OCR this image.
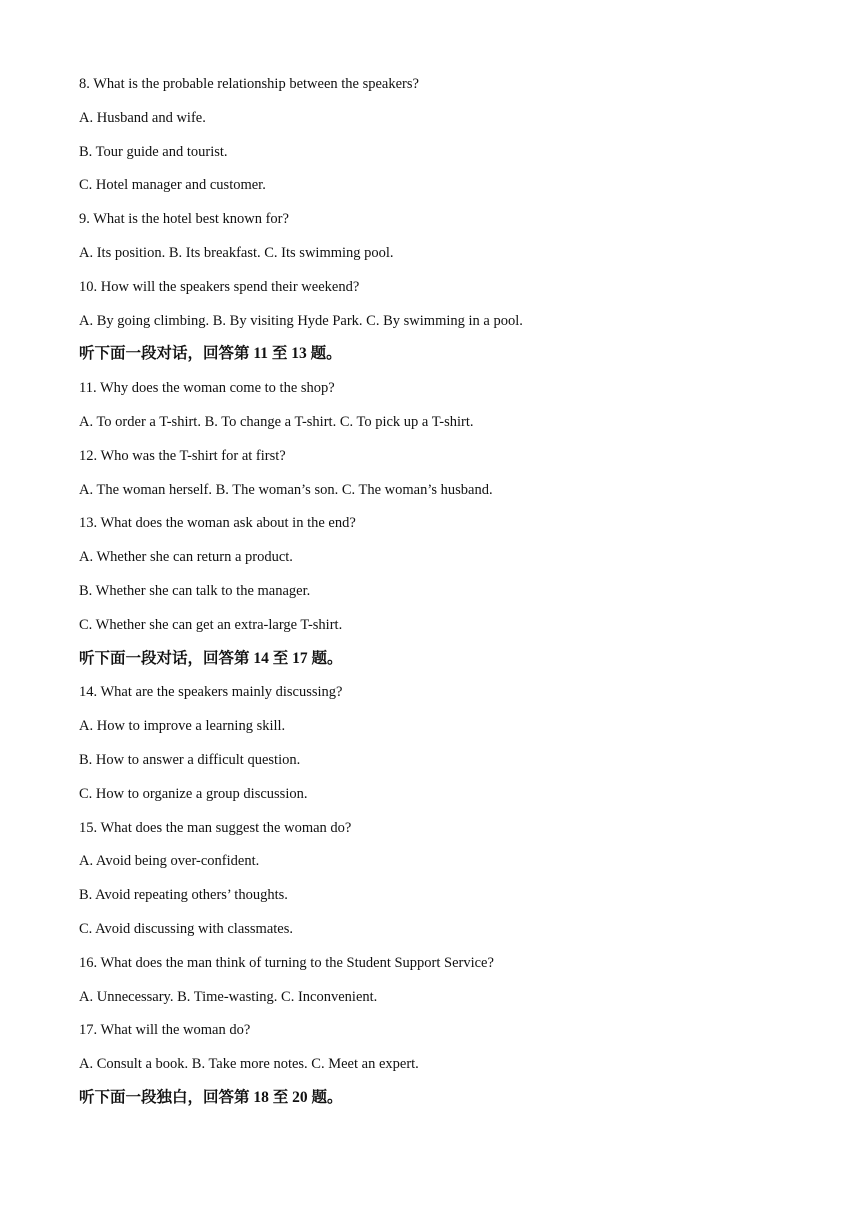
8. What is the probable relationship between the speakers?
A. Husband and wife.
B. Tour guide and tourist.
C. Hotel manager and customer.
9. What is the hotel best known for?
A. Its position. B. Its breakfast. C. Its swimming pool.
10. How will the speakers spend their weekend?
A. By going climbing. B. By visiting Hyde Park. C. By swimming in a pool.
听下面一段对话，回答第 11 至 13 题。
11. Why does the woman come to the shop?
A. To order a T-shirt. B. To change a T-shirt. C. To pick up a T-shirt.
12. Who was the T-shirt for at first?
A. The woman herself. B. The woman’s son. C. The woman’s husband.
13. What does the woman ask about in the end?
A. Whether she can return a product.
B. Whether she can talk to the manager.
C. Whether she can get an extra-large T-shirt.
听下面一段对话，回答第 14 至 17 题。
14. What are the speakers mainly discussing?
A. How to improve a learning skill.
B. How to answer a difficult question.
C. How to organize a group discussion.
15. What does the man suggest the woman do?
A. Avoid being over-confident.
B. Avoid repeating others’ thoughts.
C. Avoid discussing with classmates.
16. What does the man think of turning to the Student Support Service?
A. Unnecessary. B. Time-wasting. C. Inconvenient.
17. What will the woman do?
A. Consult a book. B. Take more notes. C. Meet an expert.
听下面一段独白，回答第 18 至 20 题。
